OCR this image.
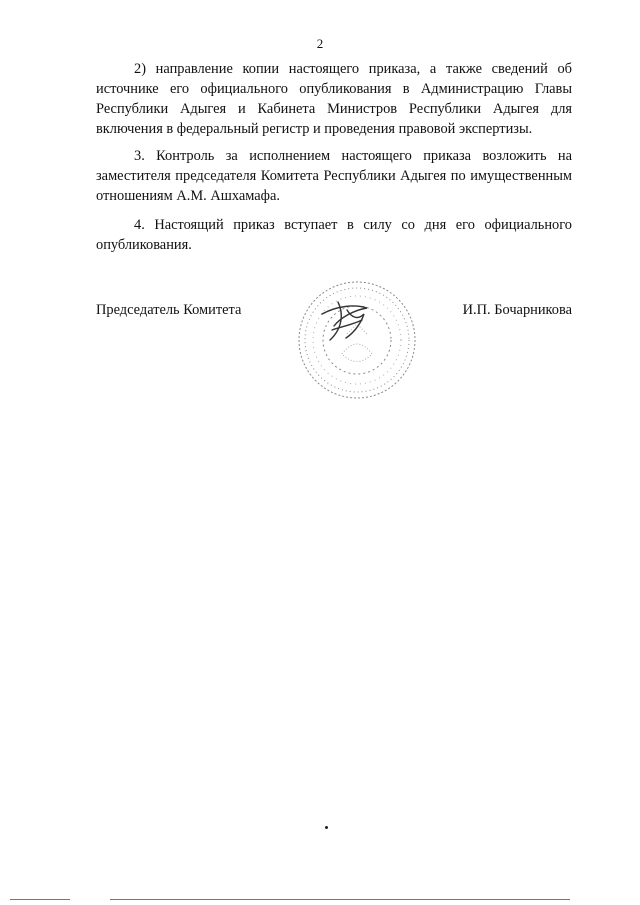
2

2) направление копии настоящего приказа, а также сведений об источнике его официального опубликования в Администрацию Главы Республики Адыгея и Кабинета Министров Республики Адыгея для включения в федеральный регистр и проведения правовой экспертизы.

3. Контроль за исполнением настоящего приказа возложить на заместителя председателя Комитета Республики Адыгея по имущественным отношениям А.М. Ашхамафа.

4. Настоящий приказ вступает в силу со дня его официального опубликования.

Председатель Комитета	И.П. Бочарникова
